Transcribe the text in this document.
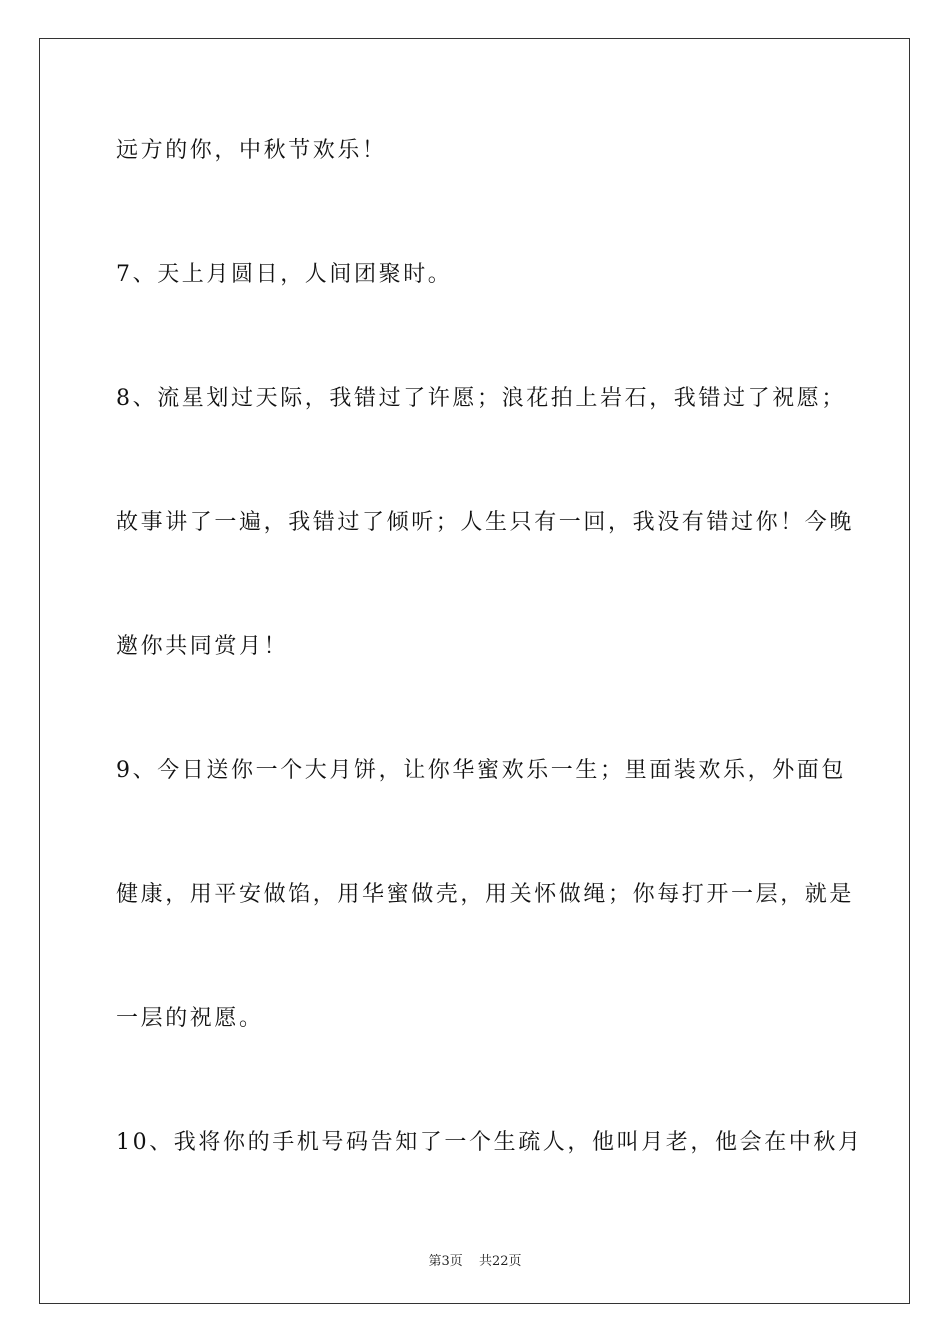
远方的你，中秋节欢乐！
7、天上月圆日，人间团聚时。
8、流星划过天际，我错过了许愿；浪花拍上岩石，我错过了祝愿；
故事讲了一遍，我错过了倾听；人生只有一回，我没有错过你！今晚
邀你共同赏月！
9、今日送你一个大月饼，让你华蜜欢乐一生；里面装欢乐，外面包
健康，用平安做馅，用华蜜做壳，用关怀做绳；你每打开一层，就是
一层的祝愿。
10、我将你的手机号码告知了一个生疏人，他叫月老，他会在中秋月
第3页 共22页
